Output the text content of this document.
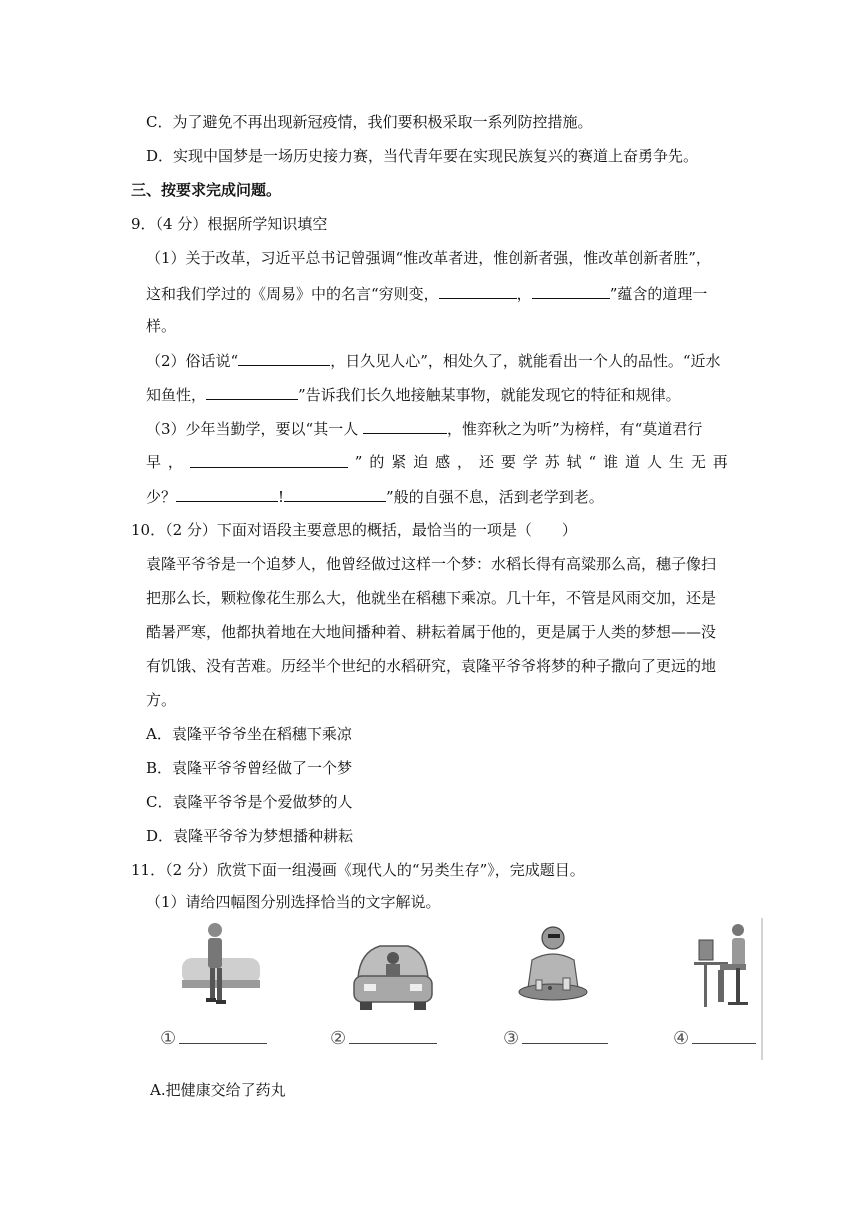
C．为了避免不再出现新冠疫情，我们要积极采取一系列防控措施。
D．实现中国梦是一场历史接力赛，当代青年要在实现民族复兴的赛道上奋勇争先。
三、按要求完成问题。
9．（4 分）根据所学知识填空
（1）关于改革，习近平总书记曾强调“惟改革者进，惟创新者强，惟改革创新者胜”，
这和我们学过的《周易》中的名言“穷则变，	，	”蕴含的道理一
样。
（2）俗话说“	，日久见人心”，相处久了，就能看出一个人的品性。“近水
知鱼性，	”告诉我们长久地接触某事物，就能发现它的特征和规律。
（3）少年当勤学，要以“其一人	，惟弈秋之为听”为榜样，有“莫道君行
早 ，	” 的 紧 迫 感 ， 还 要 学 苏 轼 “ 谁 道 人 生 无 再
少？	!	”般的自强不息，活到老学到老。
10．（2 分）下面对语段主要意思的概括，最恰当的一项是（　　）
袁隆平爷爷是一个追梦人，他曾经做过这样一个梦：水稻长得有高粱那么高，穗子像扫
把那么长，颗粒像花生那么大，他就坐在稻穗下乘凉。几十年，不管是风雨交加，还是
酷暑严寒，他都执着地在大地间播种着、耕耘着属于他的，更是属于人类的梦想——没
有饥饿、没有苦难。历经半个世纪的水稻研究，袁隆平爷爷将梦的种子撒向了更远的地
方。
A．袁隆平爷爷坐在稻穗下乘凉
B．袁隆平爷爷曾经做了一个梦
C．袁隆平爷爷是个爱做梦的人
D．袁隆平爷爷为梦想播种耕耘
11．（2 分）欣赏下面一组漫画《现代人的“另类生存”》，完成题目。
（1）请给四幅图分别选择恰当的文字解说。
①	②	③	④
A.把健康交给了药丸
